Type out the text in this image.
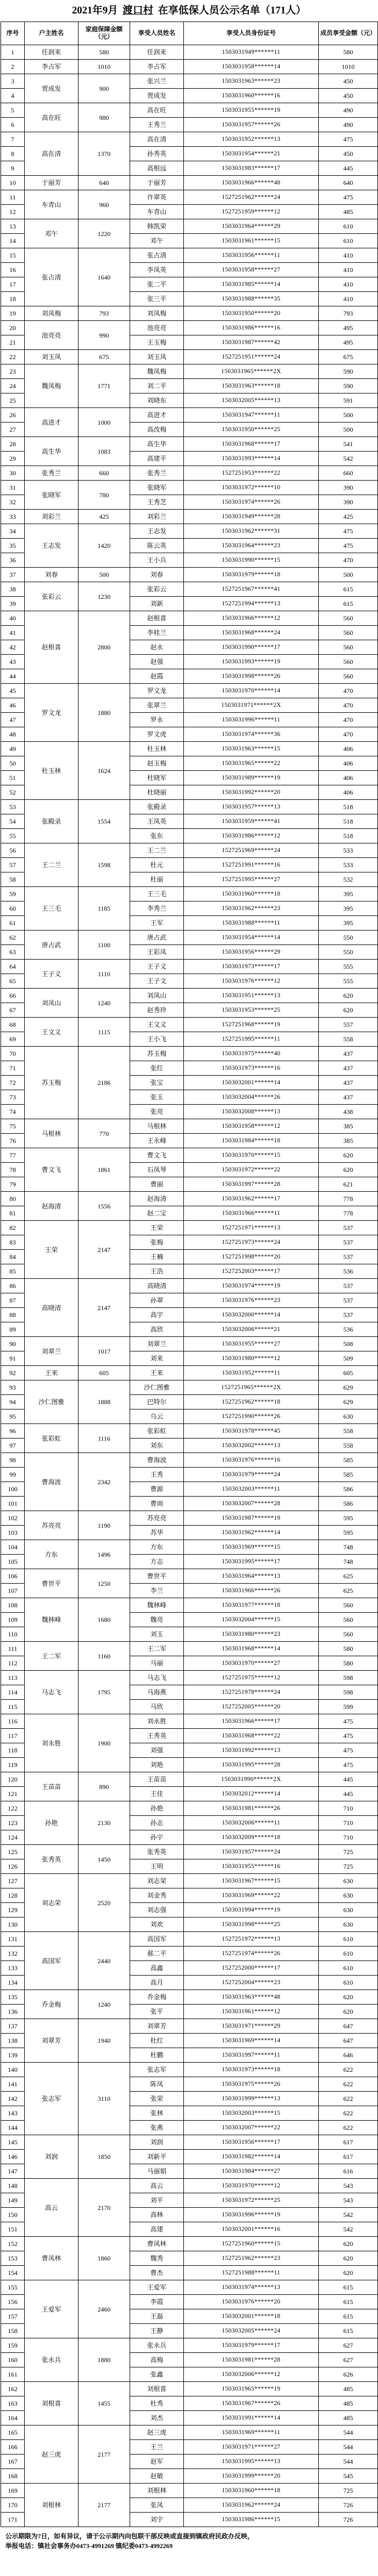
2021年9月 渡口村 在享低保人员公示名单（171人）
序号	户主姓名	家庭保障金额（元）	享受人员姓名	享受人员身份证号	成员享受金额（元）
1	任润来	580	任润来	1503031949******11	580
2	李占军	1010	李占军	1503031958******14	1010
3	贾成发	900	张兴兰	1503031963******23	450
4			贾成发	1503031960******16	450
5	高在旺	980	高在旺	1503031955******19	490
6			王秀兰	1503031957******26	490
7	高在清	1370	高在清	1503031952******13	475
8			孙秀英	1503031954******21	450
9			高根远	1503031983******17	445
10	于丽芳	640	于丽芳	1503031966******48	640
11	车青山	960	许翠英	1527251962******24	475
12			车青山	1527251959******12	485
13	邓午	1220	韩凯荣	1503031964******29	610
14			邓午	1503031961******15	610
15	张占清	1640	张占清	1503031956******11	410
16			李凤英	1503031958******27	410
17			张二平	1503031985******14	410
18			张三平	1503031988******35	410
19	刘凤梅	793	刘凤梅	1503031950******20	793
20	池亮亮	990	池亮亮	1503031986******16	495
21			王玉梅	1503031987******42	495
22	刘玉凤	675	刘玉凤	1527251951******24	675
23	魏凤梅	1771	魏凤梅	1503031965******2X	590
24			刘二平	1503031963******18	590
25			刘晓东	1503032005******13	591
26	高进才	1000	高进才	1503031947******11	500
27			高改梅	1503031950******25	500
28	高生华	1083	高生华	1503031968******17	541
29			高建平	1503031993******14	542
30	张秀兰	660	张秀兰	1527251953******22	660
31	张晓军	780	张晓军	1503031972******10	390
32			王秀芝	1503031974******26	390
33	刘彩兰	425	刘彩兰	1503031949******28	425
34	王志发	1420	王志发	1503031962******31	475
35			陈云英	1503031964******23	475
36			王小兵	1503031990******15	470
37	刘春	500	刘春	1503031979******18	500
38	张彩云	1230	张彩云	1527251967******41	615
39			刘新	1527251994******13	615
40	赵根喜	2800	赵根喜	1503031966******12	560
41			李桂兰	1503031968******24	560
42			赵永	1503031990******17	560
43			赵强	1503031993******19	560
44			赵霞	1503031998******26	560
45	罗文龙	1880	罗文龙	1503031970******14	470
46			张翠兰	1503031971******2X	470
47			罗永	1503031996******11	470
48			罗文虎	1503031974******36	470
49	杜玉林	1624	杜玉林	1503031963******15	406
50			赵玉梅	1503031965******22	406
51			杜晓军	1503031989******19	406
52			杜晓丽	1503031992******20	406
53	张殿录	1554	张殿录	1503031957******13	518
54			王凤英	1503031959******41	518
55			张东	1503031986******12	518
56	王二兰	1598	王二兰	1527251969******24	533
57			杜元	1527251991******16	533
58			杜丽	1527251995******27	532
59	王三毛	1185	王三毛	1503031960******18	395
60			李秀兰	1503031962******23	395
61			王军	1503031988******11	395
62	唐占武	1100	唐占武	1503031954******14	550
63			王彩凤	1503031956******29	550
64	王子义	1110	王子义	1503031973******17	555
65			王子文	1503031976******12	555
66	刘凤山	1240	刘凤山	1503031951******13	620
67			赵秀珍	1503031953******25	620
68	王文义	1115	王文义	1527251968******19	557
69			王小飞	1527251995******11	558
70	苏玉梅	2186	苏玉梅	1503031975******40	437
71			张红	1503031973******16	437
72			张宝	1503032001******14	437
73			张玉	1503032004******26	437
74			张亮	1503032008******13	438
75	马根林	770	马根林	1503031958******12	385
76			王永峰	1503031984******18	385
77	曹文飞	1861	曹文飞	1503031970******15	620
78			石凤琴	1503031972******22	620
79			曹丽	1503031997******28	621
80	赵海清	1556	赵海清	1503031962******17	778
81			赵二宝	1503031966******11	778
82	王荣	2147	王荣	1527251971******13	537
83			张梅	1527251973******24	537
84			王楠	1527251998******20	537
85			王浩	1527252003******17	536
86	高晓清	2147	高晓清	1503031974******19	537
87			孙翠	1503031976******23	537
88			高宇	1503032000******14	537
89			高欣	1503032006******21	536
90	刘翠兰	1017	刘翠兰	1503031955******27	508
91			刘来	1503031980******12	509
92	王来	605	王来	1503031952******11	605
93	沙仁图雅	1888	沙仁图雅	1527251965******2X	629
94			巴特尔	1527251962******18	629
95			乌云	1527251990******26	630
96	张彩虹	1116	张彩虹	1503031978******45	558
97			刘东	1503032002******13	558
98	曹海波	2342	曹海波	1503031976******16	585
99			王秀	1503031979******24	585
100			曹源	1503032003******11	586
101			曹雨	1503032007******28	586
102	苏亮亮	1190	苏亮亮	1503031987******19	595
103			苏华	1503031962******14	595
104	方东	1496	方东	1503031969******15	748
105			方志	1503031995******17	748
106	曹世平	1250	曹世平	1503031964******13	625
107			李兰	1503031966******26	625
108	魏林峰	1680	魏林峰	1503031977******18	560
109			魏亮	1503032004******15	560
110			刘玉	1503031980******23	560
111	王二军	1160	王二军	1503031968******14	580
112			马丽	1503031970******27	580
113	马志飞	1795	马志飞	1527251975******12	598
114			马海燕	1527251978******24	598
115			马欣	1527252005******20	599
116	刘永胜	1900	刘永胜	1503031966******17	475
117			王秀英	1503031968******22	475
118			刘强	1503031992******13	475
119			刘艳	1503031995******28	475
120	王苗苗	890	王苗苗	1503031990******2X	445
121			王佳	1503032012******14	445
122	孙艳	2130	孙艳	1503031981******26	710
123			孙志	1503032006******11	710
124			孙宇	1503032009******18	710
125	张秀英	1450	张秀英	1503031957******24	725
126			王明	1503031955******16	725
127	刘志荣	2520	刘志荣	1503031967******15	630
128			刘金秀	1503031969******22	630
129			刘志强	1503031994******19	630
130			刘欢	1503031998******25	630
131	高国军	2440	高国军	1527251972******13	610
132			郝二平	1527251974******26	610
133			高鑫	1527252000******17	610
134			高月	1527252004******23	610
135	乔金梅	1240	乔金梅	1503031963******48	620
136			张平	1503031961******12	620
137	刘翠芳	1940	刘翠芳	1503031971******29	647
138			杜红	1503031969******14	647
139			杜鹏	1503031997******11	646
140	张志军	3110	张志军	1503031973******18	622
141			陈凤	1503031975******26	622
142			张荣	1503031999******13	622
143			张林	1503032003******15	622
144			张燕	1503032007******22	622
145	刘润	1850	刘润	1503031956******17	617
146			刘新平	1503031982******14	617
147			马丽娟	1503031984******27	616
148	高云	2170	高云	1503031970******12	543
149			刘平	1503031972******25	543
150			高林	1503031996******19	542
151			高建	1503032001******16	542
152	曹凤林	1860	曹凤林	1527251960******15	620
153			魏秀	1527251962******23	620
154			曹杰	1527251988******11	620
155	王爱军	2460	王爱军	1503031974******13	615
156			李霞	1503031976******20	615
157			王磊	1503032001******18	615
158			王静	1503032005******24	615
159	张永兵	1880	张永兵	1503031979******17	627
160			高梅	1503031981******28	627
161			张鑫	1503032006******12	626
162	刘根喜	1455	刘根喜	1503031965******19	485
163			杜秀	1503031967******26	485
164			刘杰	1503031991******14	485
165	赵三虎	2177	赵三虎	1503031969******11	544
166			王兰	1503031971******27	544
167			赵军	1503031995******13	544
168			赵敏	1503031999******20	545
169	刘根林	2177	刘根林	1503031960******18	725
170			张凤	1503031962******24	726
171			刘宇	1503031986******15	726
公示期限为7日，如有异议，请于公示期内向包联干部反映或直接到镇政府民政办反映，
举报电话：镇社会事务办0473-4991269 镇纪委0473-4992269
